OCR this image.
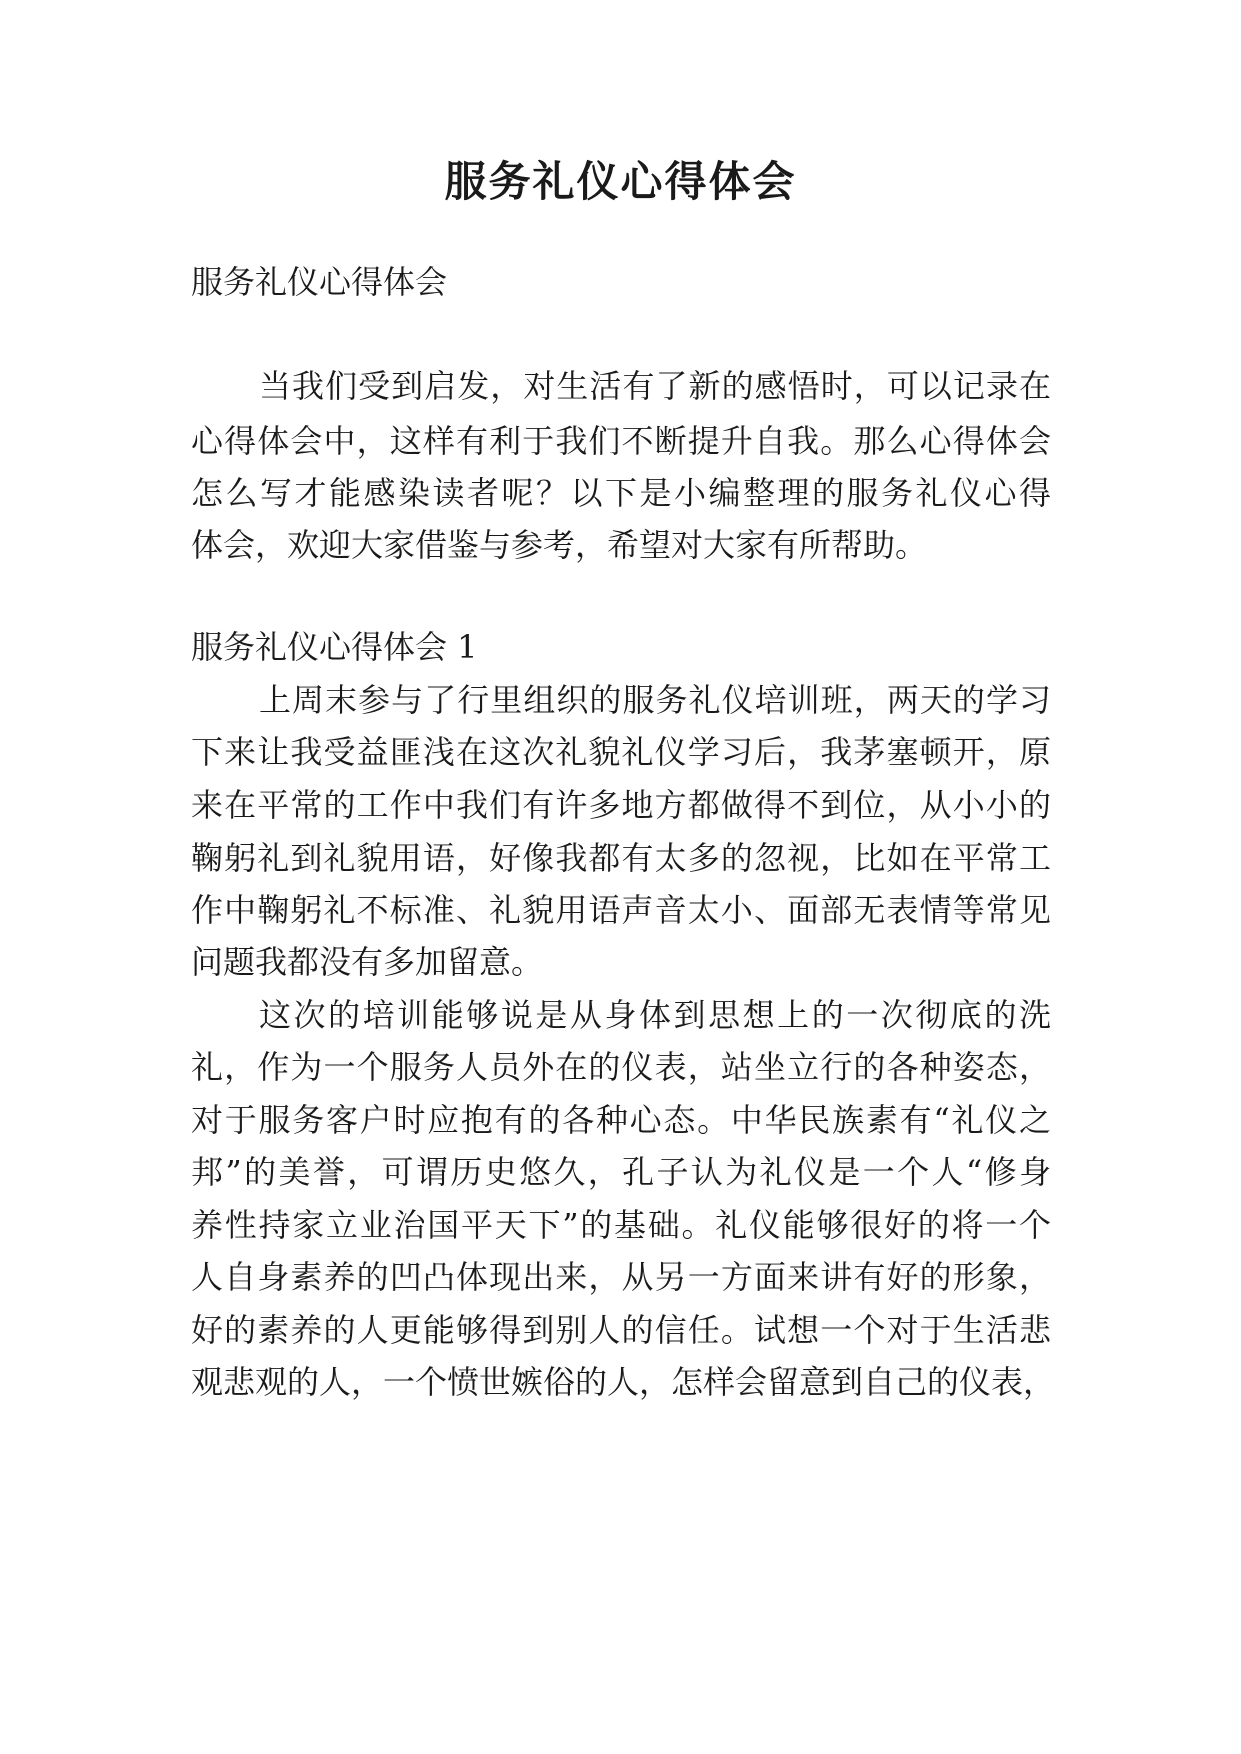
服务礼仪心得体会
服务礼仪心得体会
当我们受到启发，对生活有了新的感悟时，可以记录在
心得体会中，这样有利于我们不断提升自我。那么心得体会
怎么写才能感染读者呢？以下是小编整理的服务礼仪心得
体会，欢迎大家借鉴与参考，希望对大家有所帮助。
服务礼仪心得体会 1
上周末参与了行里组织的服务礼仪培训班，两天的学习
下来让我受益匪浅在这次礼貌礼仪学习后，我茅塞顿开，原
来在平常的工作中我们有许多地方都做得不到位，从小小的
鞠躬礼到礼貌用语，好像我都有太多的忽视，比如在平常工
作中鞠躬礼不标准、礼貌用语声音太小、面部无表情等常见
问题我都没有多加留意。
这次的培训能够说是从身体到思想上的一次彻底的洗
礼，作为一个服务人员外在的仪表，站坐立行的各种姿态，
对于服务客户时应抱有的各种心态。中华民族素有“礼仪之
邦”的美誉，可谓历史悠久，孔子认为礼仪是一个人“修身
养性持家立业治国平天下”的基础。礼仪能够很好的将一个
人自身素养的凹凸体现出来，从另一方面来讲有好的形象，
好的素养的人更能够得到别人的信任。试想一个对于生活悲
观悲观的人，一个愤世嫉俗的人，怎样会留意到自己的仪表，
